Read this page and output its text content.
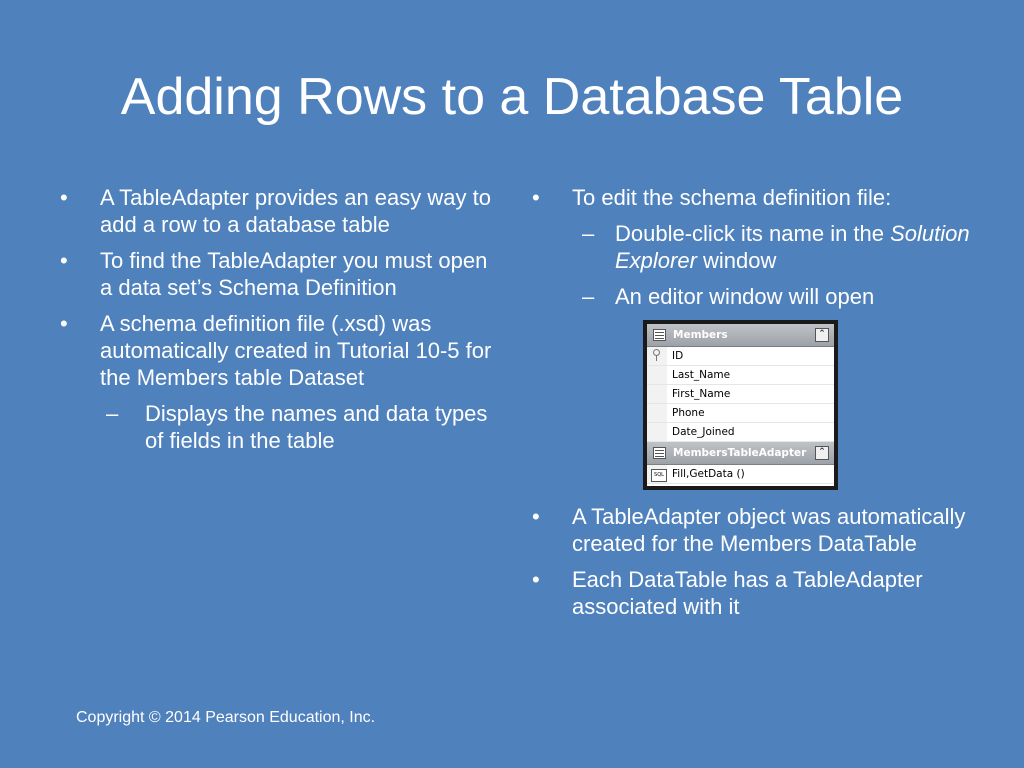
Adding Rows to a Database Table
• A TableAdapter provides an easy way to add a row to a database table
• To find the TableAdapter you must open a data set’s Schema Definition
• A schema definition file (.xsd) was automatically created in Tutorial 10-5 for the Members table Dataset
– Displays the names and data types of fields in the table
• To edit the schema definition file:
– Double-click its name in the Solution Explorer window
– An editor window will open
Members	⌃
ID
Last_Name
First_Name
Phone
Date_Joined
MembersTableAdapter	⌃
SQL Fill,GetData ()
• A TableAdapter object was automatically created for the Members DataTable
• Each DataTable has a TableAdapter associated with it
Copyright © 2014 Pearson Education, Inc.
